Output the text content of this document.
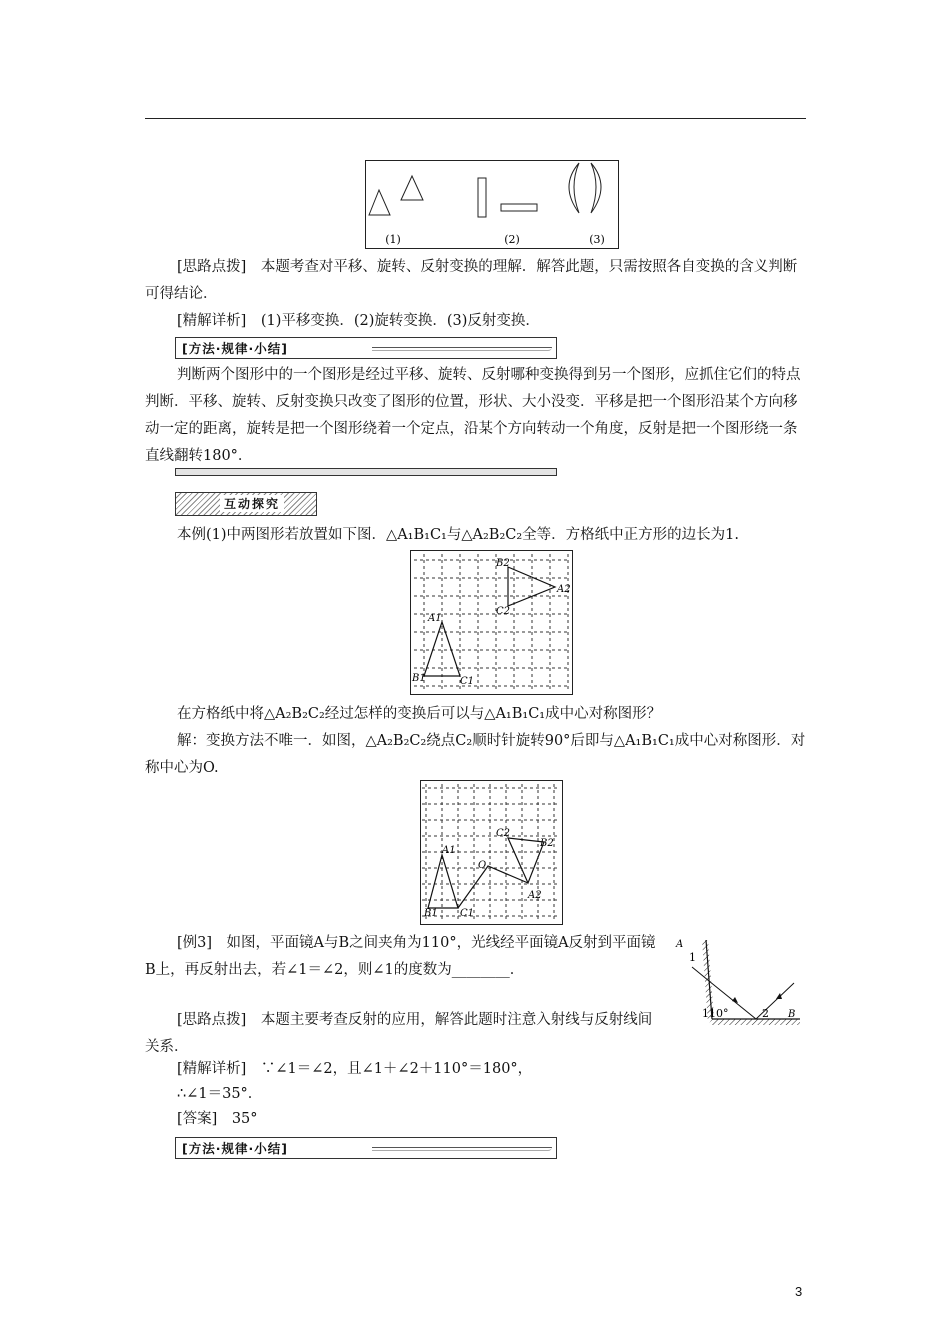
(1)	(2)	(3)
[思路点拨]　本题考查对平移、旋转、反射变换的理解．解答此题，只需按照各自变换的含义判断可得结论．
[精解详析]　(1)平移变换．(2)旋转变换．(3)反射变换．
[方法·规律·小结]
判断两个图形中的一个图形是经过平移、旋转、反射哪种变换得到另一个图形，应抓住它们的特点判断．平移、旋转、反射变换只改变了图形的位置，形状、大小没变．平移是把一个图形沿某个方向移动一定的距离，旋转是把一个图形绕着一个定点，沿某个方向转动一个角度，反射是把一个图形绕一条直线翻转180°．
互动探究
本例(1)中两图形若放置如下图．△A₁B₁C₁与△A₂B₂C₂全等．方格纸中正方形的边长为1.
B2
A2
C2
A1
B1	C1
在方格纸中将△A₂B₂C₂经过怎样的变换后可以与△A₁B₁C₁成中心对称图形？
解：变换方法不唯一．如图，△A₂B₂C₂绕点C₂顺时针旋转90°后即与△A₁B₁C₁成中心对称图形．对称中心为O.
C2
B2
A1
O
A2
B1 C1
[例3]　如图，平面镜A与B之间夹角为110°，光线经平面镜A反射到平面镜B上，再反射出去，若∠1＝∠2，则∠1的度数为________．
[思路点拨]　本题主要考查反射的应用，解答此题时注意入射线与反射线间关系．
A
1
110°	2 B
[精解详析]　∵∠1＝∠2，且∠1＋∠2＋110°＝180°，
∴∠1＝35°．
[答案]　35°
[方法·规律·小结]
3
